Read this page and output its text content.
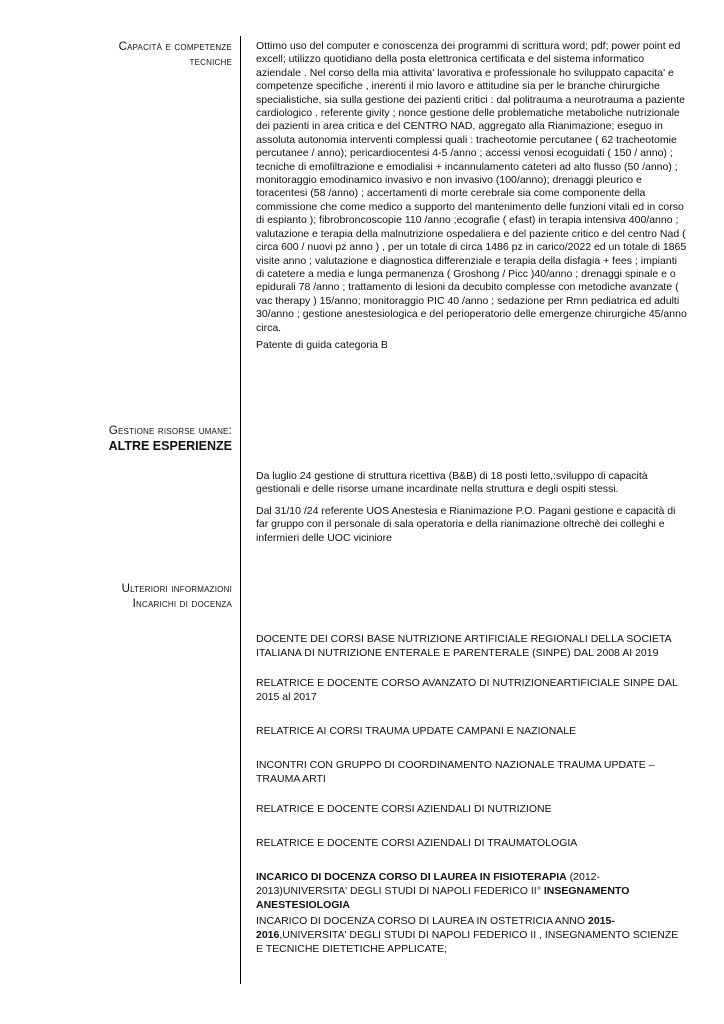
Capacità e competenze
tecniche

Ottimo uso del computer e conoscenza dei programmi di scrittura word; pdf; power point ed excell; utilizzo quotidiano della posta elettronica certificata e del sistema informatico aziendale . Nel corso della mia attivita' lavorativa e professionale ho sviluppato capacita' e competenze specifiche , inerenti il mio lavoro e attitudine sia per le branche chirurgiche specialistiche, sia sulla gestione dei pazienti critici : dal politrauma a neurotrauma a paziente cardiologico . referente givity ; nonce gestione delle problematiche metaboliche nutrizionale dei pazienti in area critica e del CENTRO NAD, aggregato alla Rianimazione; eseguo in assoluta autonomia interventi complessi quali : tracheotomie percutanee ( 62 tracheotomie percutanee / anno); pericardiocentesi 4-5 /anno ; accessi venosi ecoguidati ( 150 / anno) ; tecniche di emofiltrazione e emodialisi + incannulamento cateteri ad alto flusso (50 /anno) ; monitoraggio emodinamico invasivo e non invasivo (100/anno); drenaggi pleurico e toracentesi (58 /anno) ; accertamenti di morte cerebrale sia come componente della commissione che come medico a supporto del mantenimento delle funzioni vitali ed in corso di espianto ); fibrobroncoscopie 110 /anno ;ecografie ( efast) in terapia intensiva 400/anno ; valutazione e terapia della malnutrizione ospedaliera e del paziente critico e del centro Nad ( circa 600 / nuovi pz anno ) , per un totale di circa 1486 pz in carico/2022 ed un totale di 1865 visite anno ; valutazione e diagnostica differenziale e terapia della disfagia + fees ; impianti di catetere a media e lunga permanenza ( Groshong / Picc )40/anno ; drenaggi spinale e o epidurali 78 /anno ; trattamento di lesioni da decubito complesse con metodiche avanzate ( vac therapy ) 15/anno; monitoraggio PIC 40 /anno ; sedazione per Rmn pediatrica ed adulti 30/anno ; gestione anestesiologica e del perioperatorio delle emergenze chirurgiche 45/anno circa.

Patente di guida categoria B

Gestione risorse umane:
ALTRE ESPERIENZE

Da luglio 24 gestione di struttura ricettiva (B&B) di 18 posti letto,:sviluppo di capacità gestionali e delle risorse umane incardinate nella struttura e degli ospiti stessi.

Dal 31/10 /24 referente UOS Anestesia e Rianimazione P.O. Pagani gestione e capacità di far gruppo con il personale di sala operatoria e della rianimazione oltrechè dei colleghi e infermieri delle UOC viciniore

Ulteriori informazioni
Incarichi di docenza
DOCENTE DEI CORSI BASE NUTRIZIONE ARTIFICIALE REGIONALI DELLA SOCIETA ITALIANA DI NUTRIZIONE ENTERALE E PARENTERALE (SINPE) DAL 2008 AI 2019
RELATRICE E DOCENTE CORSO AVANZATO DI NUTRIZIONEARTIFICIALE SINPE DAL 2015 al 2017
RELATRICE AI CORSI TRAUMA UPDATE CAMPANI E NAZIONALE
INCONTRI CON GRUPPO DI COORDINAMENTO NAZIONALE TRAUMA UPDATE –TRAUMA ARTI
RELATRICE E DOCENTE CORSI AZIENDALI DI NUTRIZIONE
RELATRICE E DOCENTE CORSI AZIENDALI DI TRAUMATOLOGIA
INCARICO DI DOCENZA CORSO DI LAUREA IN FISIOTERAPIA (2012-2013)UNIVERSITA' DEGLI STUDI DI NAPOLI FEDERICO II° INSEGNAMENTO ANESTESIOLOGIA
INCARICO DI DOCENZA CORSO DI LAUREA IN OSTETRICIA ANNO 2015-2016,UNIVERSITA' DEGLI STUDI DI NAPOLI FEDERICO II , INSEGNAMENTO SCIENZE E TECNICHE DIETETICHE APPLICATE;
